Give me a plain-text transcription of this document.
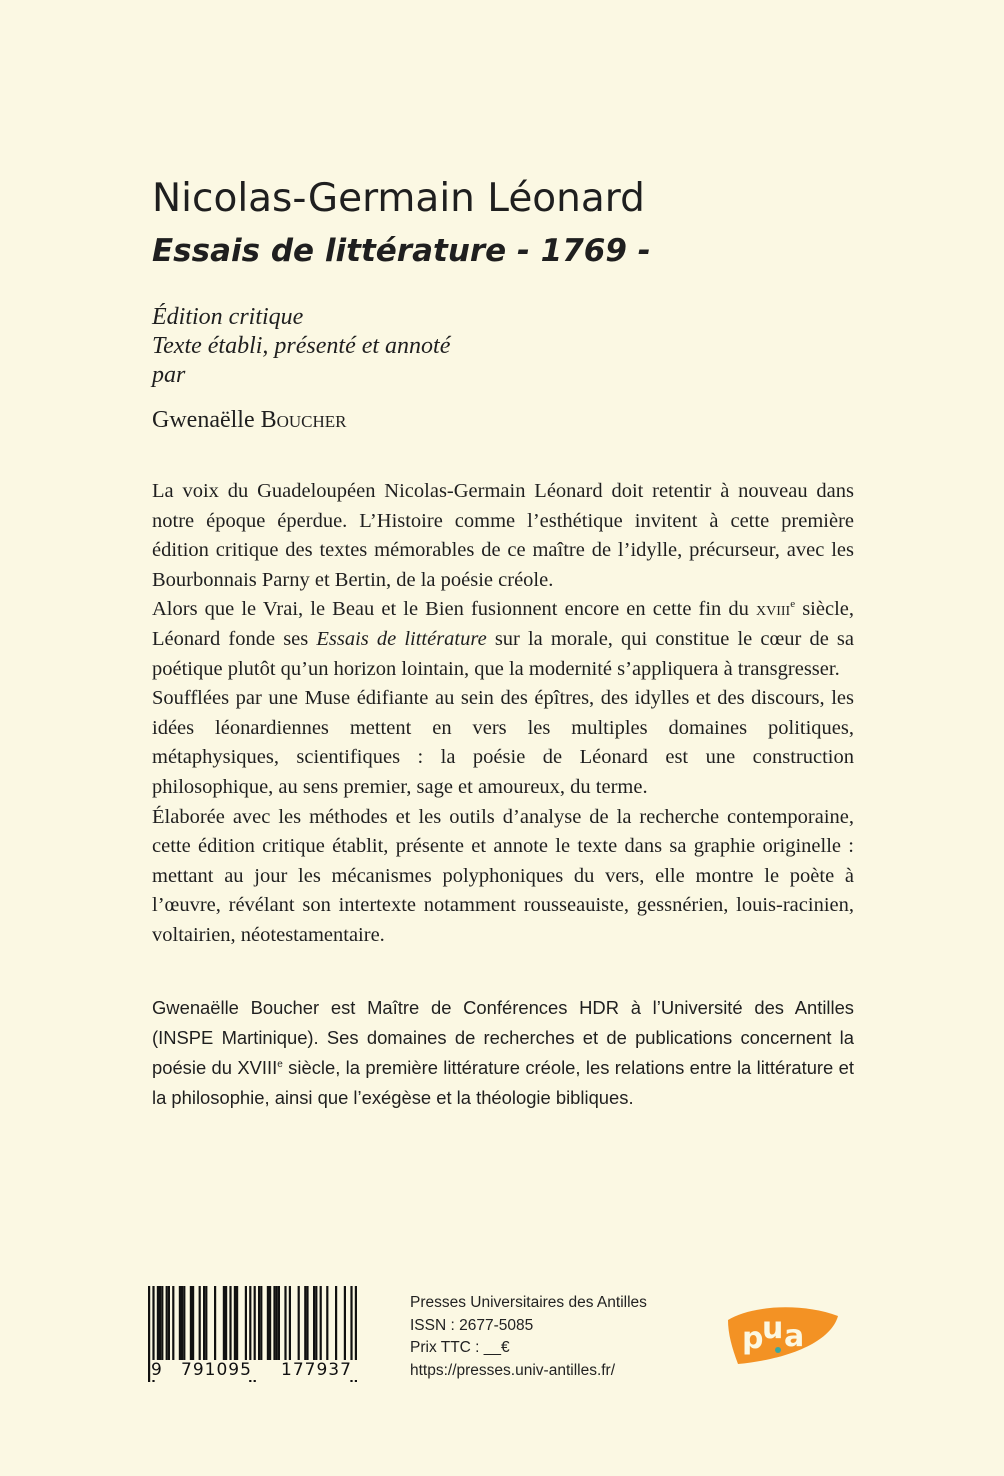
Nicolas-Germain Léonard
Essais de littérature - 1769 -
Édition critique
Texte établi, présenté et annoté
par
Gwenaëlle Boucher

La voix du Guadeloupéen Nicolas-Germain Léonard doit retentir à nouveau dans notre époque éperdue. L’Histoire comme l’esthétique invitent à cette première édition critique des textes mémorables de ce maître de l’idylle, précurseur, avec les Bourbonnais Parny et Bertin, de la poésie créole.

Alors que le Vrai, le Beau et le Bien fusionnent encore en cette fin du xviii$^e$ siècle, Léonard fonde ses Essais de littérature sur la morale, qui constitue le cœur de sa poétique plutôt qu’un horizon lointain, que la modernité s’appliquera à transgresser.

Soufflées par une Muse édifiante au sein des épîtres, des idylles et des discours, les idées léonardiennes mettent en vers les multiples domaines politiques, métaphysiques, scientifiques : la poésie de Léonard est une construction philosophique, au sens premier, sage et amoureux, du terme.

Élaborée avec les méthodes et les outils d’analyse de la recherche contemporaine, cette édition critique établit, présente et annote le texte dans sa graphie originelle : mettant au jour les mécanismes polyphoniques du vers, elle montre le poète à l’œuvre, révélant son intertexte notamment rousseauiste, gessnérien, louis-racinien, voltairien, néotestamentaire.

Gwenaëlle Boucher est Maître de Conférences HDR à l’Université des Antilles (INSPE Martinique). Ses domaines de recherches et de publications concernent la poésie du XVIIIe siècle, la première littérature créole, les relations entre la littérature et la philosophie, ainsi que l’exégèse et la théologie bibliques.

9 791095 177937
Presses Universitaires des Antilles
ISSN : 2677-5085
Prix TTC : __€
https://presses.univ-antilles.fr/
p
u a
